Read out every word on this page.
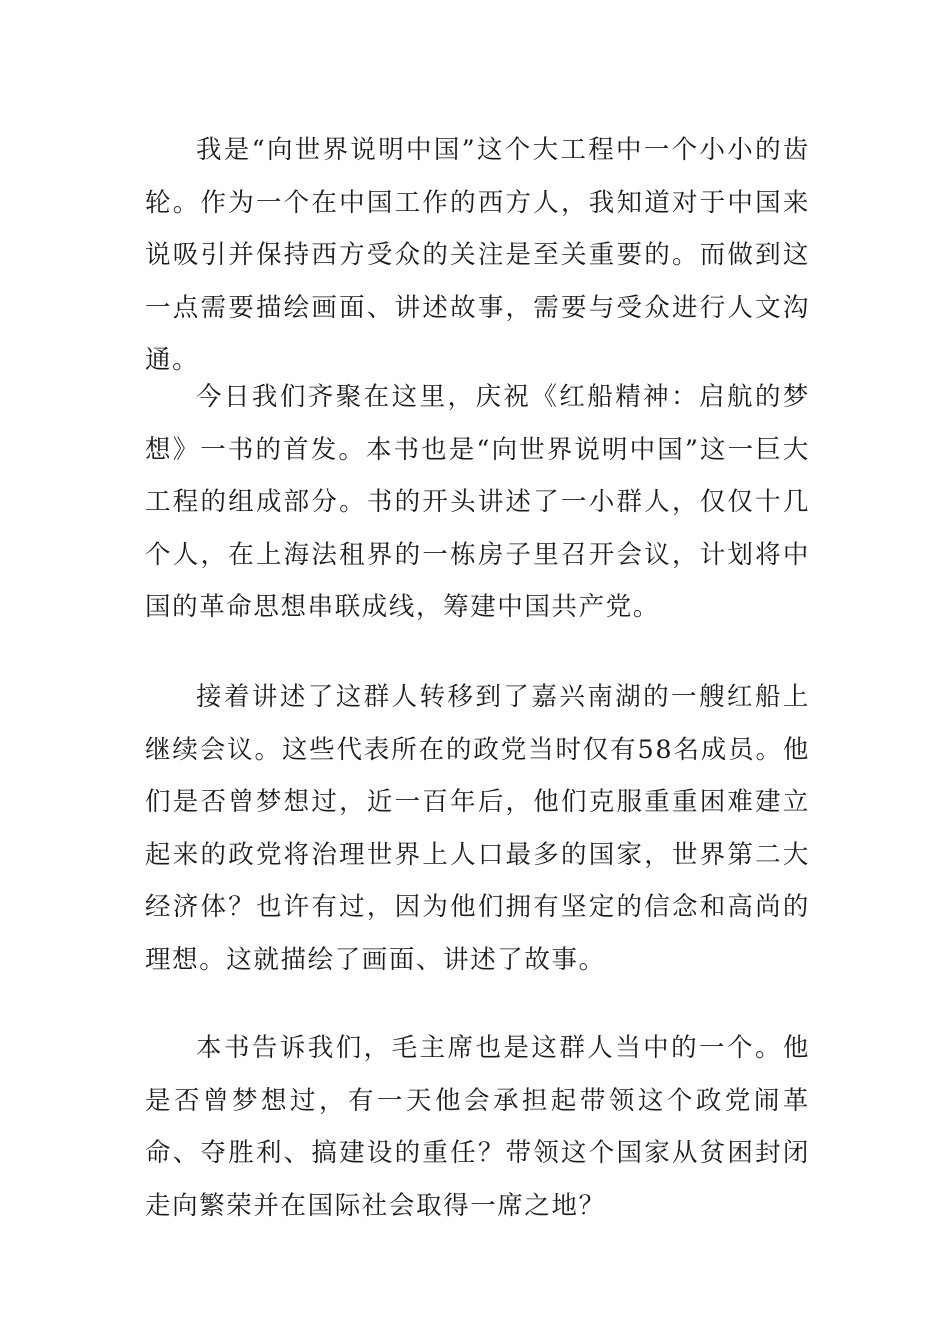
我是“向世界说明中国”这个大工程中一个小小的齿轮。作为一个在中国工作的西方人，我知道对于中国来说吸引并保持西方受众的关注是至关重要的。而做到这一点需要描绘画面、讲述故事，需要与受众进行人文沟通。

今日我们齐聚在这里，庆祝《红船精神：启航的梦想》一书的首发。本书也是“向世界说明中国”这一巨大工程的组成部分。书的开头讲述了一小群人，仅仅十几个人，在上海法租界的一栋房子里召开会议，计划将中国的革命思想串联成线，筹建中国共产党。

接着讲述了这群人转移到了嘉兴南湖的一艘红船上继续会议。这些代表所在的政党当时仅有58名成员。他们是否曾梦想过，近一百年后，他们克服重重困难建立起来的政党将治理世界上人口最多的国家，世界第二大经济体？也许有过，因为他们拥有坚定的信念和高尚的理想。这就描绘了画面、讲述了故事。

本书告诉我们，毛主席也是这群人当中的一个。他是否曾梦想过，有一天他会承担起带领这个政党闹革命、夺胜利、搞建设的重任？带领这个国家从贫困封闭走向繁荣并在国际社会取得一席之地？
